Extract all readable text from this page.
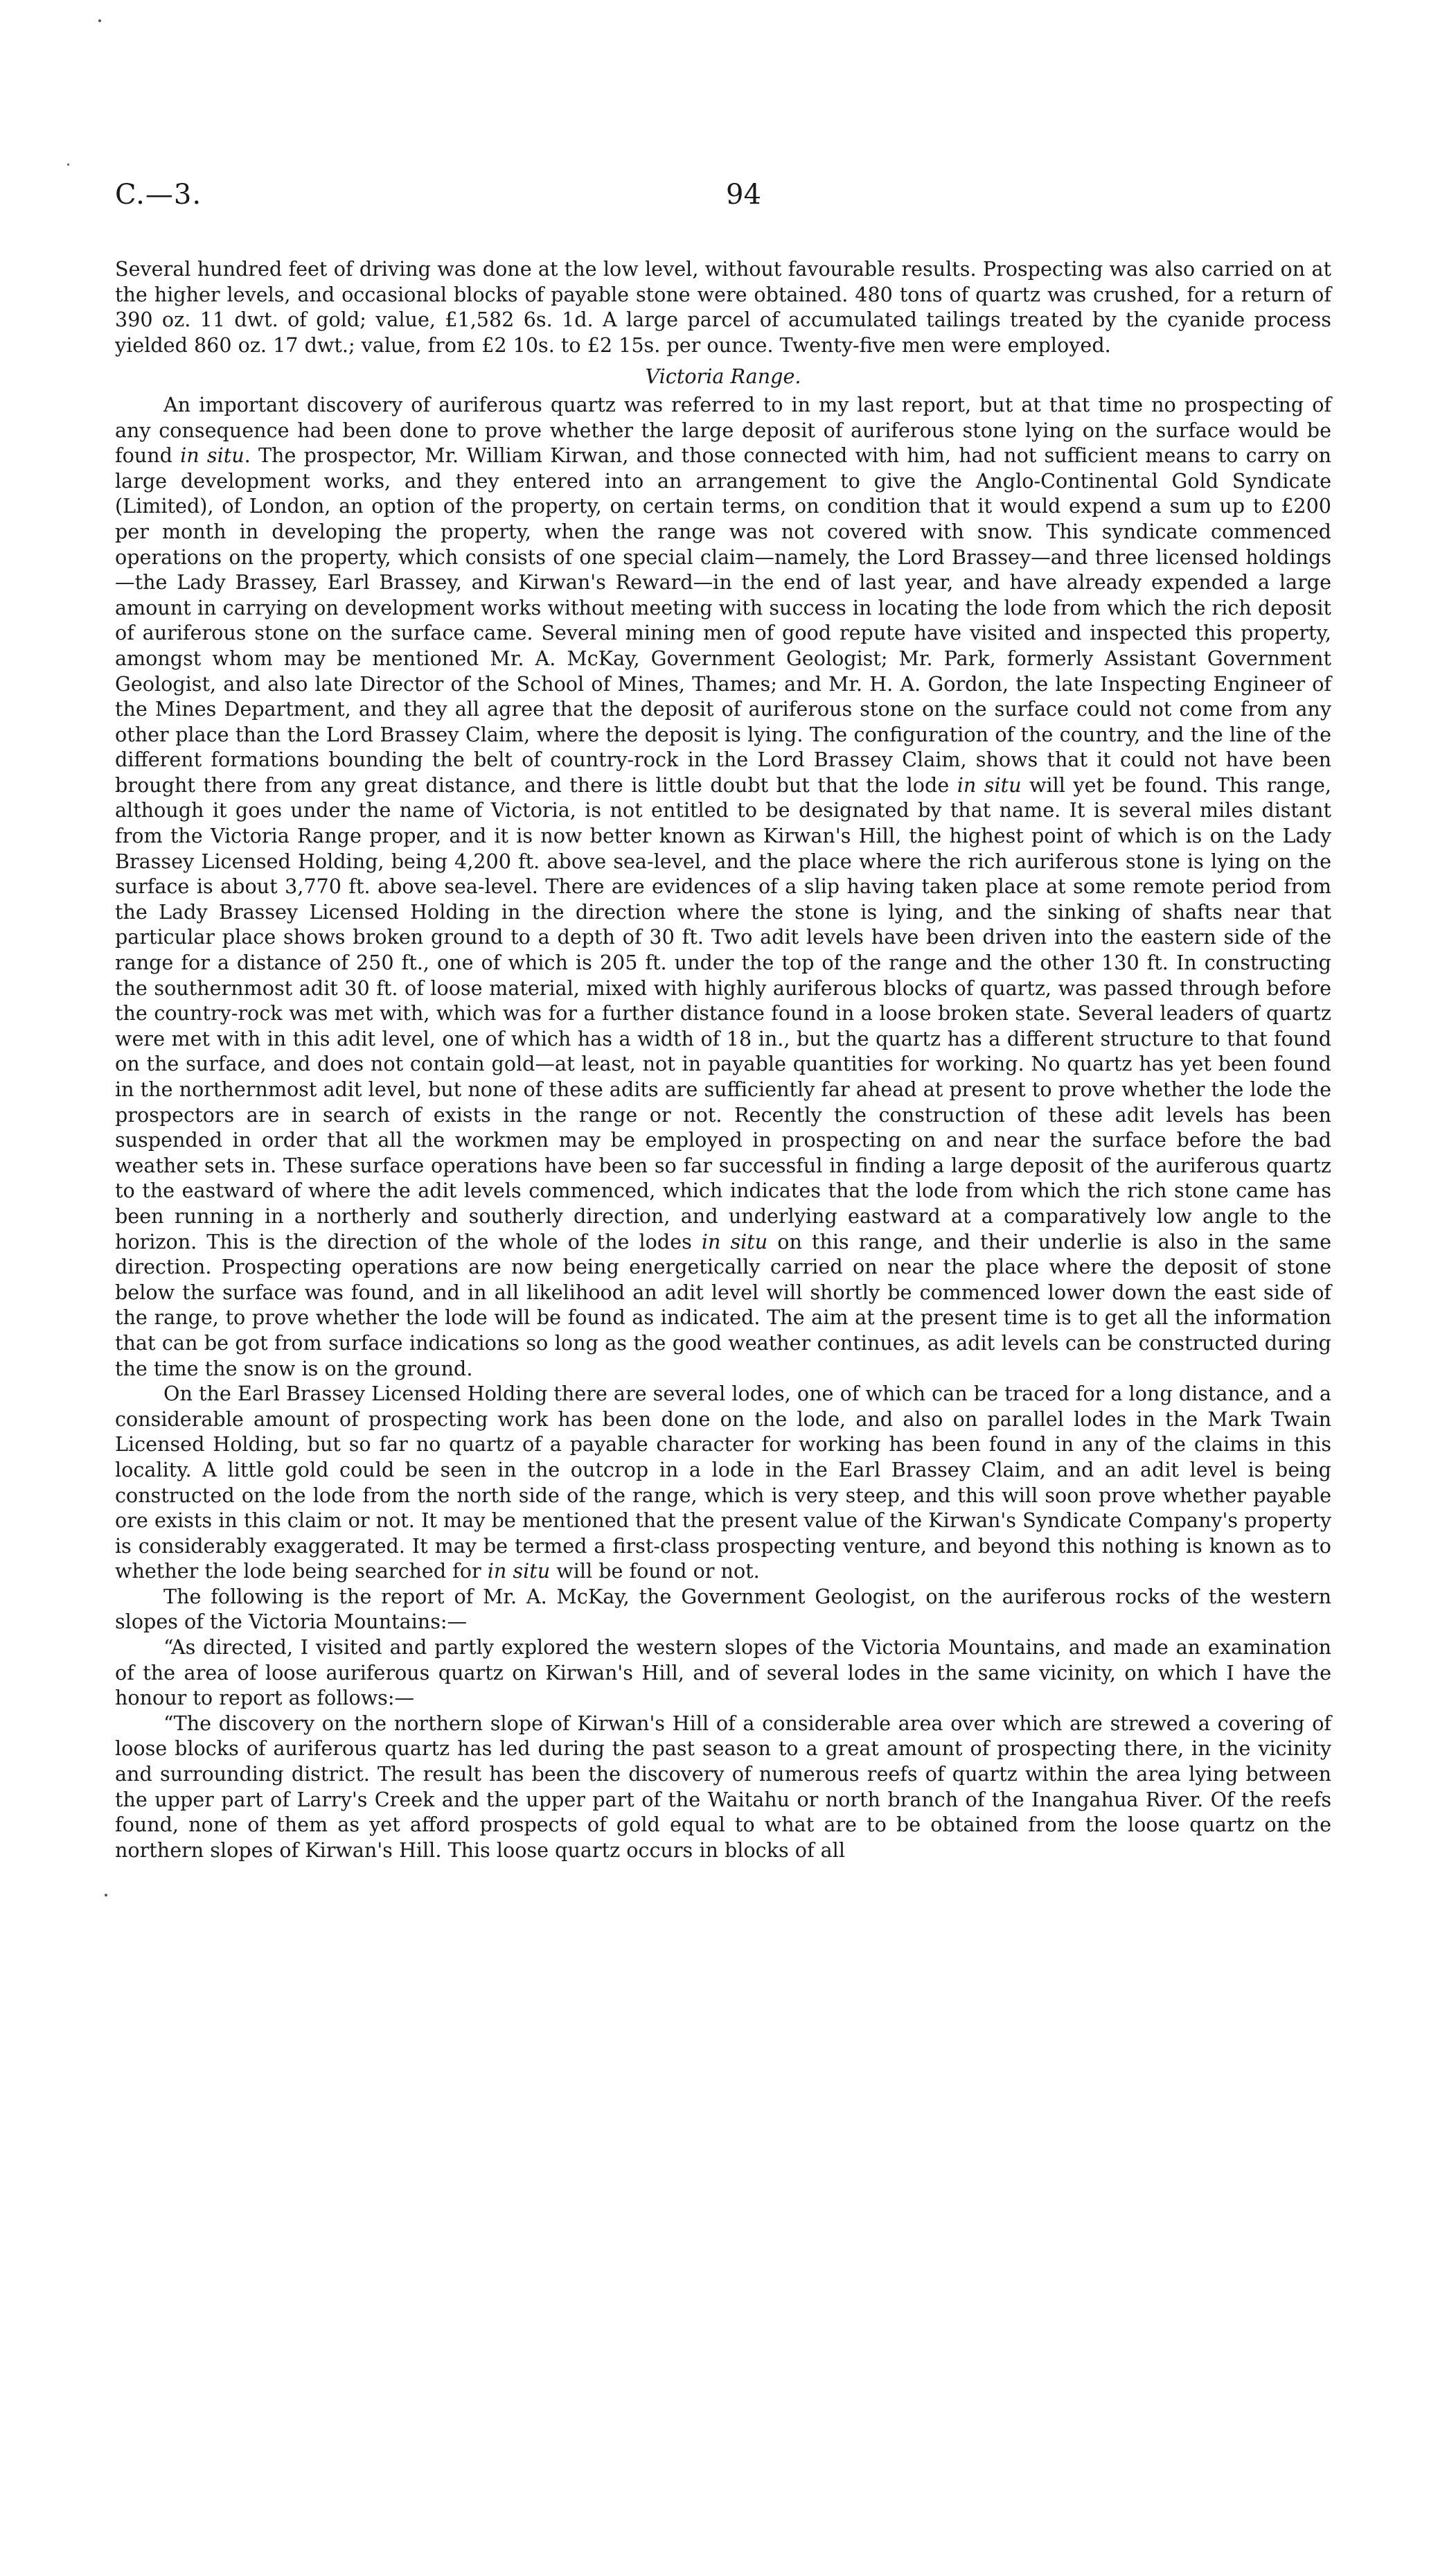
C.—3.	94

Several hundred feet of driving was done at the low level, without favourable results. Prospecting was also carried on at the higher levels, and occasional blocks of payable stone were obtained. 480 tons of quartz was crushed, for a return of 390 oz. 11 dwt. of gold; value, £1,582 6s. 1d. A large parcel of accumulated tailings treated by the cyanide process yielded 860 oz. 17 dwt.; value, from £2 10s. to £2 15s. per ounce. Twenty-five men were employed.

Victoria Range.

An important discovery of auriferous quartz was referred to in my last report, but at that time no prospecting of any consequence had been done to prove whether the large deposit of auriferous stone lying on the surface would be found in situ. The prospector, Mr. William Kirwan, and those connected with him, had not sufficient means to carry on large development works, and they entered into an arrangement to give the Anglo-Continental Gold Syndicate (Limited), of London, an option of the property, on certain terms, on condition that it would expend a sum up to £200 per month in developing the property, when the range was not covered with snow. This syndicate commenced operations on the property, which consists of one special claim—namely, the Lord Brassey—and three licensed holdings—the Lady Brassey, Earl Brassey, and Kirwan's Reward—in the end of last year, and have already expended a large amount in carrying on development works without meeting with success in locating the lode from which the rich deposit of auriferous stone on the surface came. Several mining men of good repute have visited and inspected this property, amongst whom may be mentioned Mr. A. McKay, Government Geologist; Mr. Park, formerly Assistant Government Geologist, and also late Director of the School of Mines, Thames; and Mr. H. A. Gordon, the late Inspecting Engineer of the Mines Department, and they all agree that the deposit of auriferous stone on the surface could not come from any other place than the Lord Brassey Claim, where the deposit is lying. The configuration of the country, and the line of the different formations bounding the belt of country-rock in the Lord Brassey Claim, shows that it could not have been brought there from any great distance, and there is little doubt but that the lode in situ will yet be found. This range, although it goes under the name of Victoria, is not entitled to be designated by that name. It is several miles distant from the Victoria Range proper, and it is now better known as Kirwan's Hill, the highest point of which is on the Lady Brassey Licensed Holding, being 4,200 ft. above sea-level, and the place where the rich auriferous stone is lying on the surface is about 3,770 ft. above sea-level. There are evidences of a slip having taken place at some remote period from the Lady Brassey Licensed Holding in the direction where the stone is lying, and the sinking of shafts near that particular place shows broken ground to a depth of 30 ft. Two adit levels have been driven into the eastern side of the range for a distance of 250 ft., one of which is 205 ft. under the top of the range and the other 130 ft. In constructing the southernmost adit 30 ft. of loose material, mixed with highly auriferous blocks of quartz, was passed through before the country-rock was met with, which was for a further distance found in a loose broken state. Several leaders of quartz were met with in this adit level, one of which has a width of 18 in., but the quartz has a different structure to that found on the surface, and does not contain gold—at least, not in payable quantities for working. No quartz has yet been found in the northernmost adit level, but none of these adits are sufficiently far ahead at present to prove whether the lode the prospectors are in search of exists in the range or not. Recently the construction of these adit levels has been suspended in order that all the workmen may be employed in prospecting on and near the surface before the bad weather sets in. These surface operations have been so far successful in finding a large deposit of the auriferous quartz to the eastward of where the adit levels commenced, which indicates that the lode from which the rich stone came has been running in a northerly and southerly direction, and underlying eastward at a comparatively low angle to the horizon. This is the direction of the whole of the lodes in situ on this range, and their underlie is also in the same direction. Prospecting operations are now being energetically carried on near the place where the deposit of stone below the surface was found, and in all likelihood an adit level will shortly be commenced lower down the east side of the range, to prove whether the lode will be found as indicated. The aim at the present time is to get all the information that can be got from surface indications so long as the good weather continues, as adit levels can be constructed during the time the snow is on the ground.

On the Earl Brassey Licensed Holding there are several lodes, one of which can be traced for a long distance, and a considerable amount of prospecting work has been done on the lode, and also on parallel lodes in the Mark Twain Licensed Holding, but so far no quartz of a payable character for working has been found in any of the claims in this locality. A little gold could be seen in the outcrop in a lode in the Earl Brassey Claim, and an adit level is being constructed on the lode from the north side of the range, which is very steep, and this will soon prove whether payable ore exists in this claim or not. It may be mentioned that the present value of the Kirwan's Syndicate Company's property is considerably exaggerated. It may be termed a first-class prospecting venture, and beyond this nothing is known as to whether the lode being searched for in situ will be found or not.

The following is the report of Mr. A. McKay, the Government Geologist, on the auriferous rocks of the western slopes of the Victoria Mountains:—

“As directed, I visited and partly explored the western slopes of the Victoria Mountains, and made an examination of the area of loose auriferous quartz on Kirwan's Hill, and of several lodes in the same vicinity, on which I have the honour to report as follows:—

“The discovery on the northern slope of Kirwan's Hill of a considerable area over which are strewed a covering of loose blocks of auriferous quartz has led during the past season to a great amount of prospecting there, in the vicinity and surrounding district. The result has been the discovery of numerous reefs of quartz within the area lying between the upper part of Larry's Creek and the upper part of the Waitahu or north branch of the Inangahua River. Of the reefs found, none of them as yet afford prospects of gold equal to what are to be obtained from the loose quartz on the northern slopes of Kirwan's Hill. This loose quartz occurs in blocks of all
